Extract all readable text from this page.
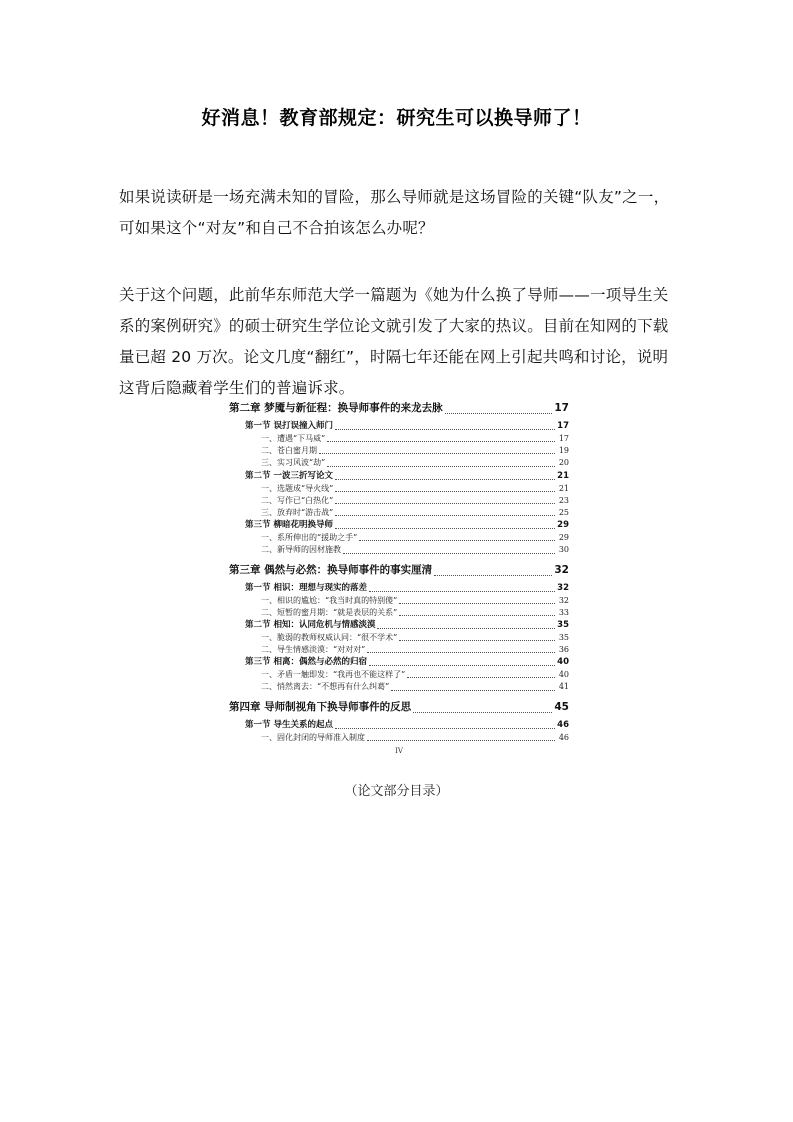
好消息！教育部规定：研究生可以换导师了！
如果说读研是一场充满未知的冒险，那么导师就是这场冒险的关键“队友”之一，可如果这个“对友”和自己不合拍该怎么办呢？
关于这个问题，此前华东师范大学一篇题为《她为什么换了导师——一项导生关系的案例研究》的硕士研究生学位论文就引发了大家的热议。目前在知网的下载量已超 20 万次。论文几度“翻红”，时隔七年还能在网上引起共鸣和讨论，说明这背后隐藏着学生们的普遍诉求。
第二章 梦魇与新征程：换导师事件的来龙去脉	17
第一节 误打误撞入师门	17
一、遭遇“下马威”	17
二、苍白蜜月期	19
三、实习风波“劫”	20
第二节 一波三折写论文	21
一、选题成“导火线”	21
二、写作已“白热化”	23
三、放弃时“游击战”	25
第三节 柳暗花明换导师	29
一、系所伸出的“援助之手”	29
二、新导师的因材施教	30
第三章 偶然与必然：换导师事件的事实厘清	32
第一节 相识：理想与现实的落差	32
一、相识的尴尬：“我当时真的特别傻”	32
二、短暂的蜜月期：“就是表层的关系”	33
第二节 相知：认同危机与情感淡漠	35
一、脆弱的教师权威认同：“很不学术”	35
二、导生情感淡漠：“对对对”	36
第三节 相离：偶然与必然的归宿	40
一、矛盾一触即发：“我再也不能这样了”	40
二、悄然离去：“不想再有什么纠葛”	41
第四章 导师制视角下换导师事件的反思	45
第一节 导生关系的起点	46
一、固化封闭的导师准入制度	46
IV
（论文部分目录）
